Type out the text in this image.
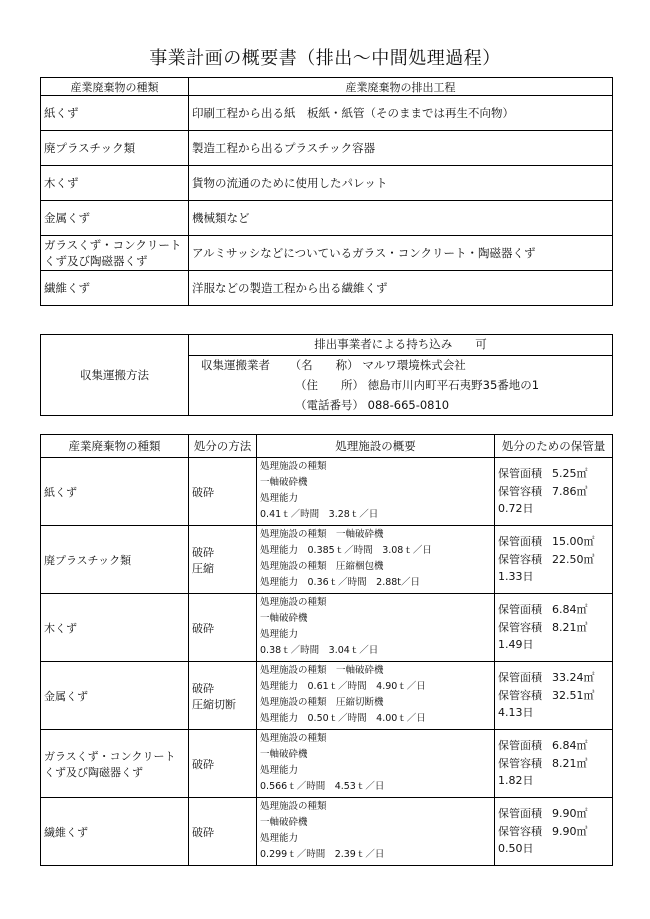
事業計画の概要書（排出～中間処理過程）
産業廃棄物の種類	産業廃棄物の排出工程

紙くず	印刷工程から出る紙　板紙・紙管（そのままでは再生不向物）

廃プラスチック類	製造工程から出るプラスチック容器

木くず	貨物の流通のために使用したパレット

金属くず	機械類など

ガラスくず・コンクリート
くず及び陶磁器くず	アルミサッシなどについているガラス・コンクリート・陶磁器くず

繊維くず	洋服などの製造工程から出る繊維くず
収集運搬方法	排出事業者による持ち込み　　可
収集運搬業者 （名　　称） マルワ環境株式会社
（住　　所） 徳島市川内町平石夷野35番地の1
（電話番号） 088-665-0810
産業廃棄物の種類	処分の方法	処理施設の概要	処分のための保管量

紙くず	破砕	処理施設の種類
一軸破砕機
処理能力
0.41ｔ／時間　3.28ｔ／日	保管面積 5.25㎡
保管容積 7.86㎥
0.72日

廃プラスチック類	破砕
圧縮	処理施設の種類　一軸破砕機
処理能力　0.385ｔ／時間　3.08ｔ／日
処理施設の種類　圧縮梱包機
処理能力　0.36ｔ／時間　2.88t／日	保管面積 15.00㎡
保管容積 22.50㎥
1.33日

木くず	破砕	処理施設の種類
一軸破砕機
処理能力
0.38ｔ／時間　3.04ｔ／日	保管面積 6.84㎡
保管容積 8.21㎥
1.49日

金属くず	破砕
圧縮切断	処理施設の種類　一軸破砕機
処理能力　0.61ｔ／時間　4.90ｔ／日
処理施設の種類　圧縮切断機
処理能力　0.50ｔ／時間　4.00ｔ／日	保管面積 33.24㎡
保管容積 32.51㎥
4.13日

ガラスくず・コンクリート
くず及び陶磁器くず	破砕	処理施設の種類
一軸破砕機
処理能力
0.566ｔ／時間　4.53ｔ／日	保管面積 6.84㎡
保管容積 8.21㎥
1.82日

繊維くず	破砕	処理施設の種類
一軸破砕機
処理能力
0.299ｔ／時間　2.39ｔ／日	保管面積 9.90㎡
保管容積 9.90㎥
0.50日
